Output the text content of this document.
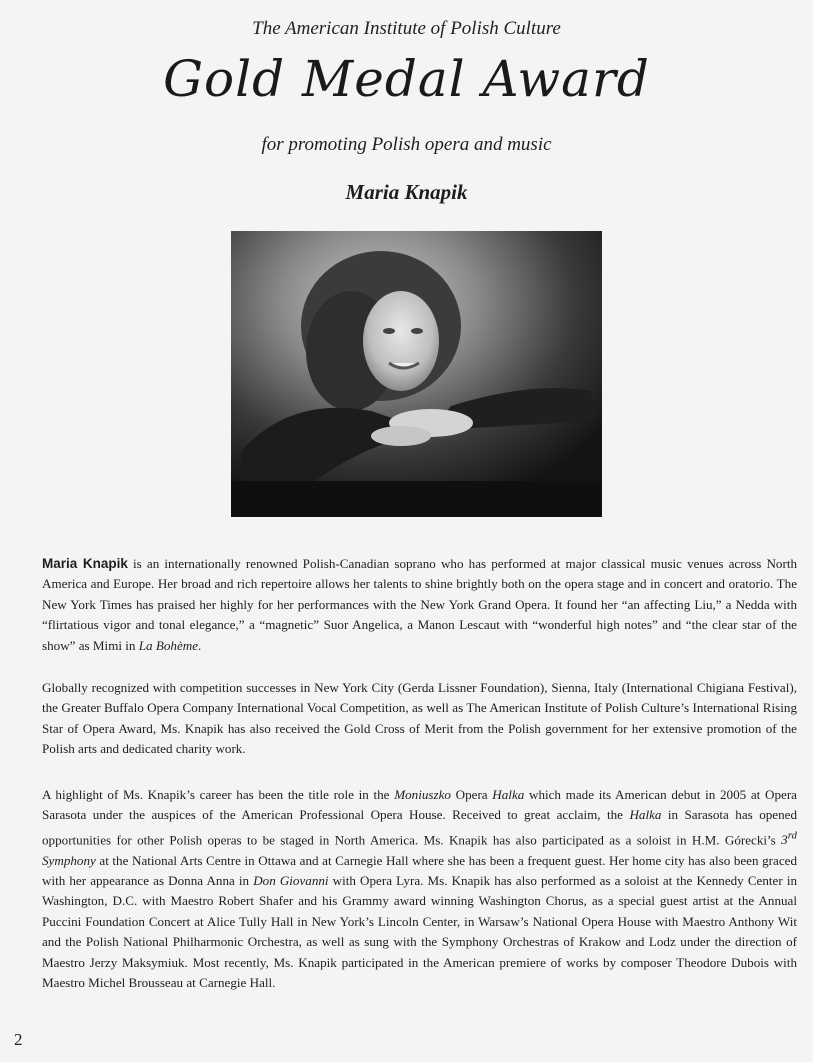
The American Institute of Polish Culture
Gold Medal Award
for promoting Polish opera and music
Maria Knapik

Maria Knapik is an internationally renowned Polish-Canadian soprano who has performed at major classical music venues across North America and Europe. Her broad and rich repertoire allows her talents to shine brightly both on the opera stage and in concert and oratorio. The New York Times has praised her highly for her performances with the New York Grand Opera. It found her “an affecting Liu,” a Nedda with “flirtatious vigor and tonal elegance,” a “magnetic” Suor Angelica, a Manon Lescaut with “wonderful high notes” and “the clear star of the show” as Mimi in La Bohème.

Globally recognized with competition successes in New York City (Gerda Lissner Foundation), Sienna, Italy (International Chigiana Festival), the Greater Buffalo Opera Company International Vocal Competition, as well as The American Institute of Polish Culture’s International Rising Star of Opera Award, Ms. Knapik has also received the Gold Cross of Merit from the Polish government for her extensive promotion of the Polish arts and dedicated charity work.

A highlight of Ms. Knapik’s career has been the title role in the Moniuszko Opera Halka which made its American debut in 2005 at Opera Sarasota under the auspices of the American Professional Opera House. Received to great acclaim, the Halka in Sarasota has opened opportunities for other Polish operas to be staged in North America. Ms. Knapik has also participated as a soloist in H.M. Górecki’s 3rd Symphony at the National Arts Centre in Ottawa and at Carnegie Hall where she has been a frequent guest. Her home city has also been graced with her appearance as Donna Anna in Don Giovanni with Opera Lyra. Ms. Knapik has also performed as a soloist at the Kennedy Center in Washington, D.C. with Maestro Robert Shafer and his Grammy award winning Washington Chorus, as a special guest artist at the Annual Puccini Foundation Concert at Alice Tully Hall in New York’s Lincoln Center, in Warsaw’s National Opera House with Maestro Anthony Wit and the Polish National Philharmonic Orchestra, as well as sung with the Symphony Orchestras of Krakow and Lodz under the direction of Maestro Jerzy Maksymiuk. Most recently, Ms. Knapik participated in the American premiere of works by composer Theodore Dubois with Maestro Michel Brousseau at Carnegie Hall.

2
